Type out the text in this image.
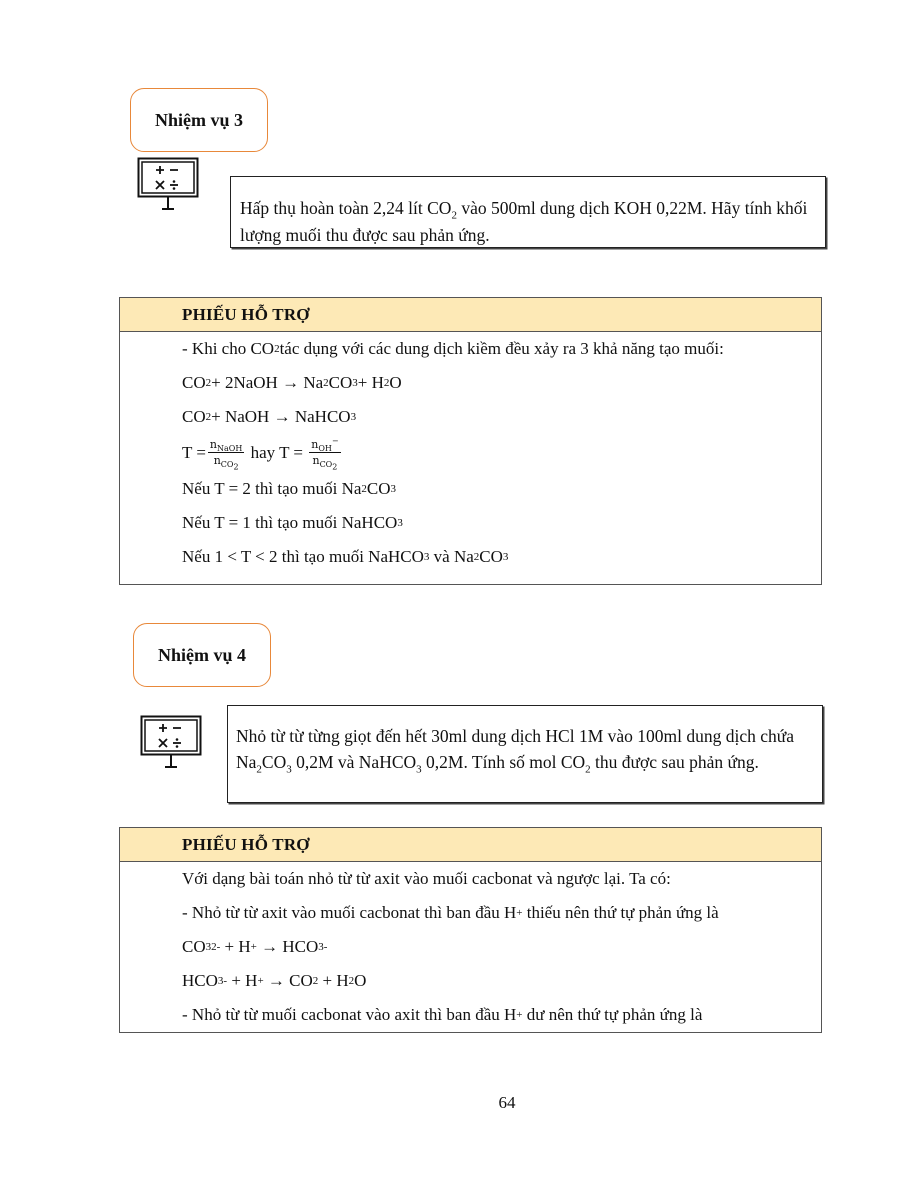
Nhiệm vụ 3
Hấp thụ hoàn toàn 2,24 lít $CO_2$ vào 500ml dung dịch KOH 0,22M. Hãy tính khối lượng muối thu được sau phản ứng.
PHIẾU HỖ TRỢ
- Khi cho CO 2 tác dụng với các dung dịch kiềm đều xảy ra 3 khả năng tạo muối:
CO 2 + 2NaOH → Na 2 CO 3 + H 2 O
CO 2 + NaOH → NaHCO 3
$T = \frac{n_{NaOH}}{n_{CO_2}}$ hay $T = \frac{n_{OH}^-}{n_{CO_2}}$
Nếu T = 2 thì tạo muối Na 2 CO 3
Nếu T = 1 thì tạo muối NaHCO 3
Nếu 1 < T < 2 thì tạo muối NaHCO 3 và Na 2 CO 3
Nhiệm vụ 4
Nhỏ từ từ từng giọt đến hết 30ml dung dịch HCl 1M vào 100ml dung dịch chứa $Na_2CO_3$ 0,2M và NaHCO$_3$ 0,2M. Tính số mol $CO_2$ thu được sau phản ứng.
PHIẾU HỖ TRỢ
Với dạng bài toán nhỏ từ từ axit vào muối cacbonat và ngược lại. Ta có:
- Nhỏ từ từ axit vào muối cacbonat thì ban đầu H + thiếu nên thứ tự phản ứng là
CO 3 2- + H + → HCO 3 -
HCO 3 - + H + → CO 2 + H 2 O
- Nhỏ từ từ muối cacbonat vào axit thì ban đầu H + dư nên thứ tự phản ứng là
64
